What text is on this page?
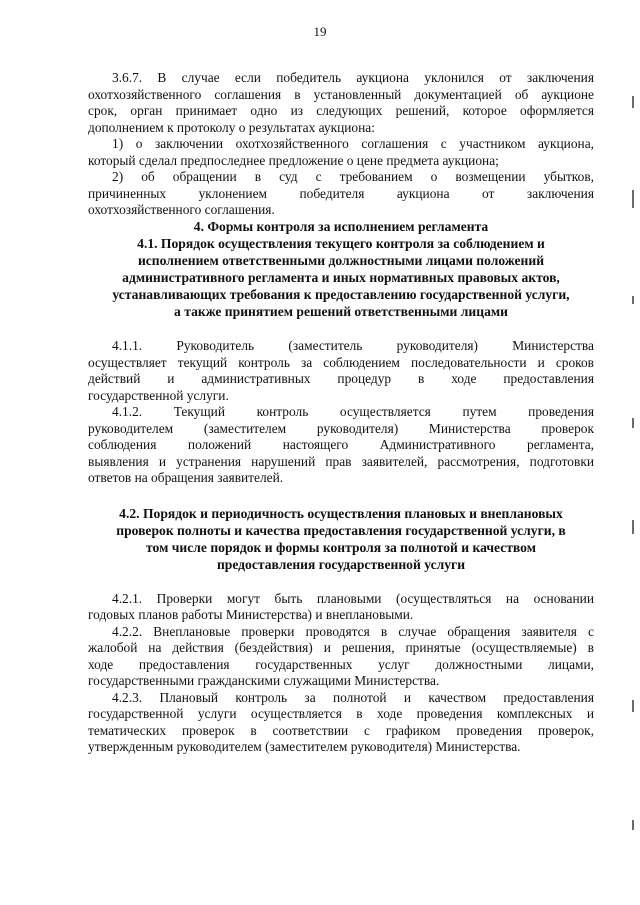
19
3.6.7. В случае если победитель аукциона уклонился от заключения
охотхозяйственного соглашения в установленный документацией об аукционе
срок, орган принимает одно из следующих решений, которое оформляется
дополнением к протоколу о результатах аукциона:
1) о заключении охотхозяйственного соглашения с участником аукциона,
который сделал предпоследнее предложение о цене предмета аукциона;
2) об обращении в суд с требованием о возмещении убытков,
причиненных уклонением победителя аукциона от заключения
охотхозяйственного соглашения.

4. Формы контроля за исполнением регламента

4.1. Порядок осуществления текущего контроля за соблюдением и
исполнением ответственными должностными лицами положений
административного регламента и иных нормативных правовых актов,
устанавливающих требования к предоставлению государственной услуги,
а также принятием решений ответственными лицами
4.1.1. Руководитель (заместитель руководителя) Министерства
осуществляет текущий контроль за соблюдением последовательности и сроков
действий и административных процедур в ходе предоставления
государственной услуги.
4.1.2. Текущий контроль осуществляется путем проведения
руководителем (заместителем руководителя) Министерства проверок
соблюдения положений настоящего Административного регламента,
выявления и устранения нарушений прав заявителей, рассмотрения, подготовки
ответов на обращения заявителей.
4.2. Порядок и периодичность осуществления плановых и внеплановых
проверок полноты и качества предоставления государственной услуги, в
том числе порядок и формы контроля за полнотой и качеством
предоставления государственной услуги
4.2.1. Проверки могут быть плановыми (осуществляться на основании
годовых планов работы Министерства) и внеплановыми.
4.2.2. Внеплановые проверки проводятся в случае обращения заявителя с
жалобой на действия (бездействия) и решения, принятые (осуществляемые) в
ходе предоставления государственных услуг должностными лицами,
государственными гражданскими служащими Министерства.
4.2.3. Плановый контроль за полнотой и качеством предоставления
государственной услуги осуществляется в ходе проведения комплексных и
тематических проверок в соответствии с графиком проведения проверок,
утвержденным руководителем (заместителем руководителя) Министерства.
